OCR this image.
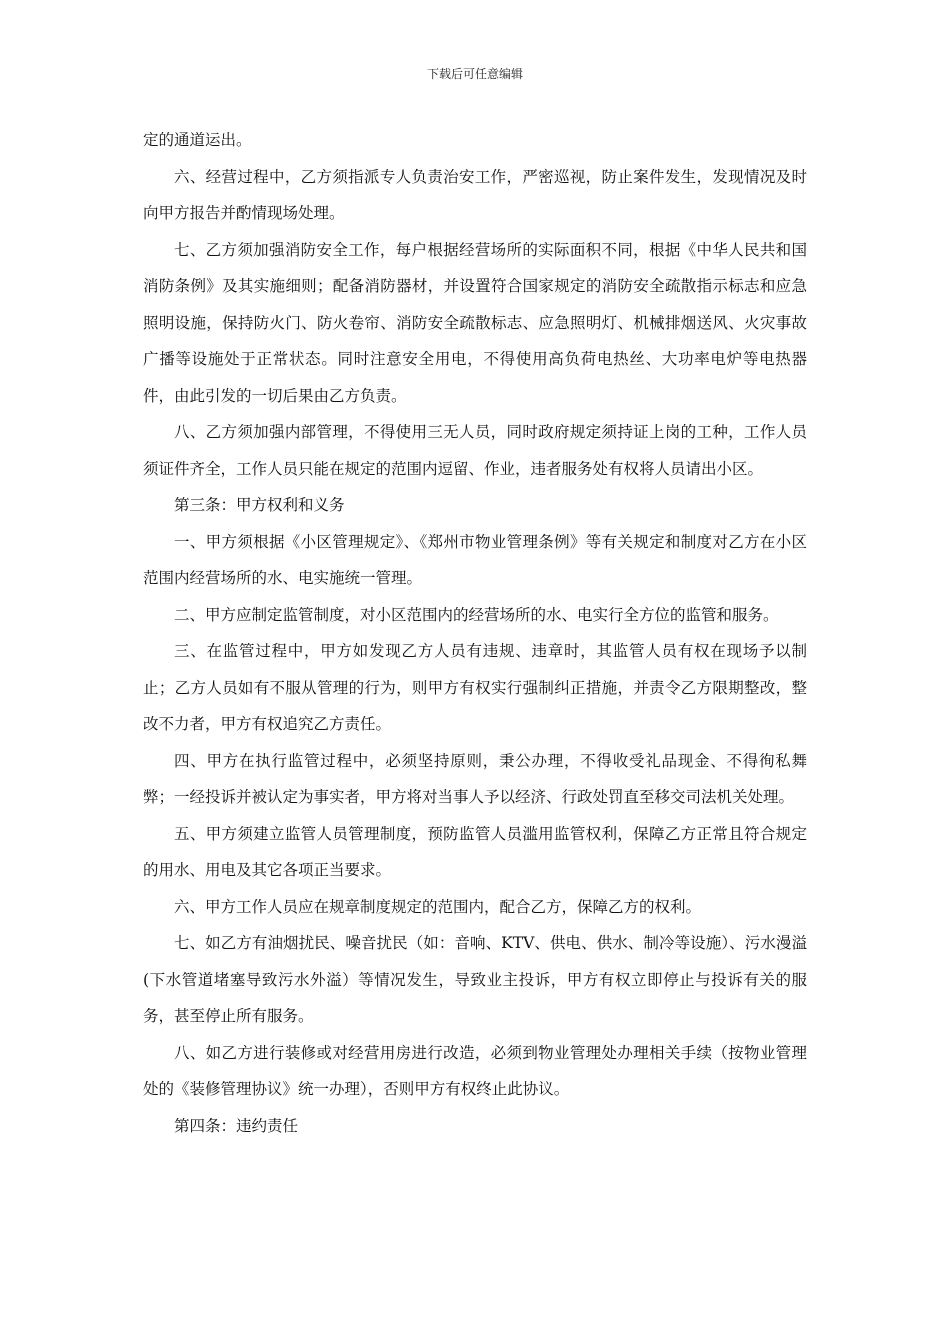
下载后可任意编辑

定的通道运出。

六、经营过程中，乙方须指派专人负责治安工作，严密巡视，防止案件发生，发现情况及时向甲方报告并酌情现场处理。

七、乙方须加强消防安全工作，每户根据经营场所的实际面积不同，根据《中华人民共和国消防条例》及其实施细则；配备消防器材，并设置符合国家规定的消防安全疏散指示标志和应急照明设施，保持防火门、防火卷帘、消防安全疏散标志、应急照明灯、机械排烟送风、火灾事故广播等设施处于正常状态。同时注意安全用电，不得使用高负荷电热丝、大功率电炉等电热器件，由此引发的一切后果由乙方负责。

八、乙方须加强内部管理，不得使用三无人员，同时政府规定须持证上岗的工种，工作人员须证件齐全，工作人员只能在规定的范围内逗留、作业，违者服务处有权将人员请出小区。

第三条：甲方权利和义务

一、甲方须根据《小区管理规定》、《郑州市物业管理条例》等有关规定和制度对乙方在小区范围内经营场所的水、电实施统一管理。

二、甲方应制定监管制度，对小区范围内的经营场所的水、电实行全方位的监管和服务。

三、在监管过程中，甲方如发现乙方人员有违规、违章时，其监管人员有权在现场予以制止；乙方人员如有不服从管理的行为，则甲方有权实行强制纠正措施，并责令乙方限期整改，整改不力者，甲方有权追究乙方责任。

四、甲方在执行监管过程中，必须坚持原则，秉公办理，不得收受礼品现金、不得徇私舞弊；一经投诉并被认定为事实者，甲方将对当事人予以经济、行政处罚直至移交司法机关处理。

五、甲方须建立监管人员管理制度，预防监管人员滥用监管权利，保障乙方正常且符合规定的用水、用电及其它各项正当要求。

六、甲方工作人员应在规章制度规定的范围内，配合乙方，保障乙方的权利。

七、如乙方有油烟扰民、噪音扰民（如：音响、KTV、供电、供水、制冷等设施）、污水漫溢(下水管道堵塞导致污水外溢）等情况发生，导致业主投诉，甲方有权立即停止与投诉有关的服务，甚至停止所有服务。

八、如乙方进行装修或对经营用房进行改造，必须到物业管理处办理相关手续（按物业管理处的《装修管理协议》统一办理），否则甲方有权终止此协议。

第四条：违约责任
